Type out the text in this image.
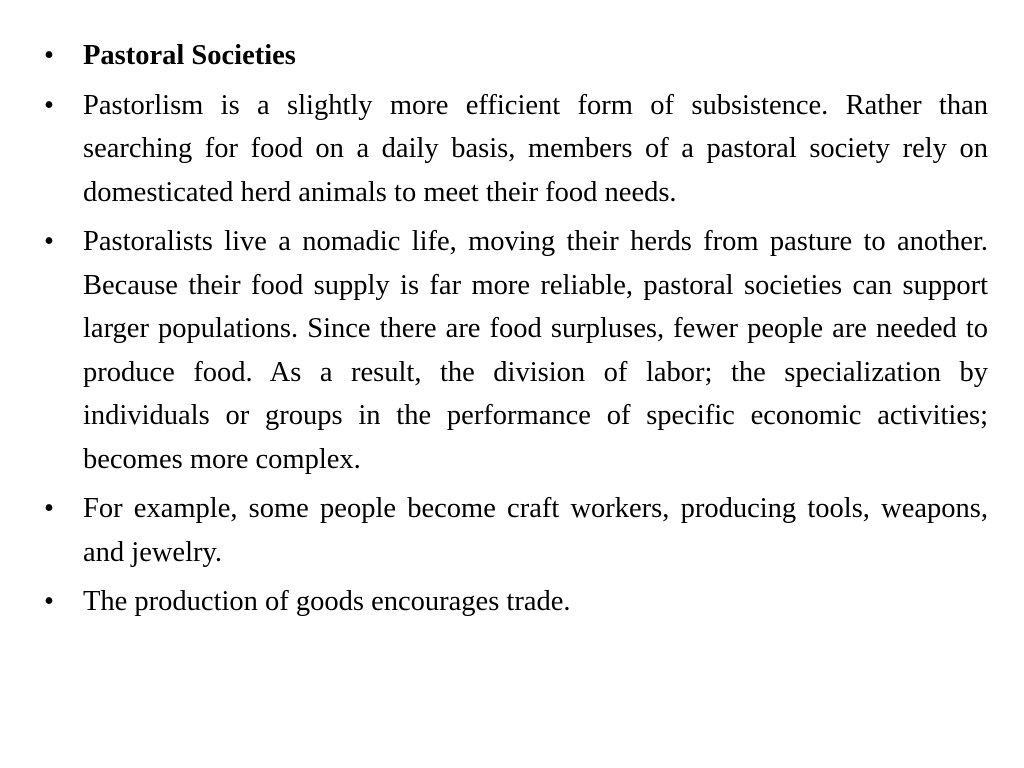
•	Pastoral Societies
•	Pastorlism is a slightly more efficient form of subsistence. Rather than searching for food on a daily basis, members of a pastoral society rely on domesticated herd animals to meet their food needs.
•	Pastoralists live a nomadic life, moving their herds from pasture to another. Because their food supply is far more reliable, pastoral societies can support larger populations. Since there are food surpluses, fewer people are needed to produce food. As a result, the division of labor; the specialization by individuals or groups in the performance of specific economic activities; becomes more complex.
•	For example, some people become craft workers, producing tools, weapons, and jewelry.
•	The production of goods encourages trade.
